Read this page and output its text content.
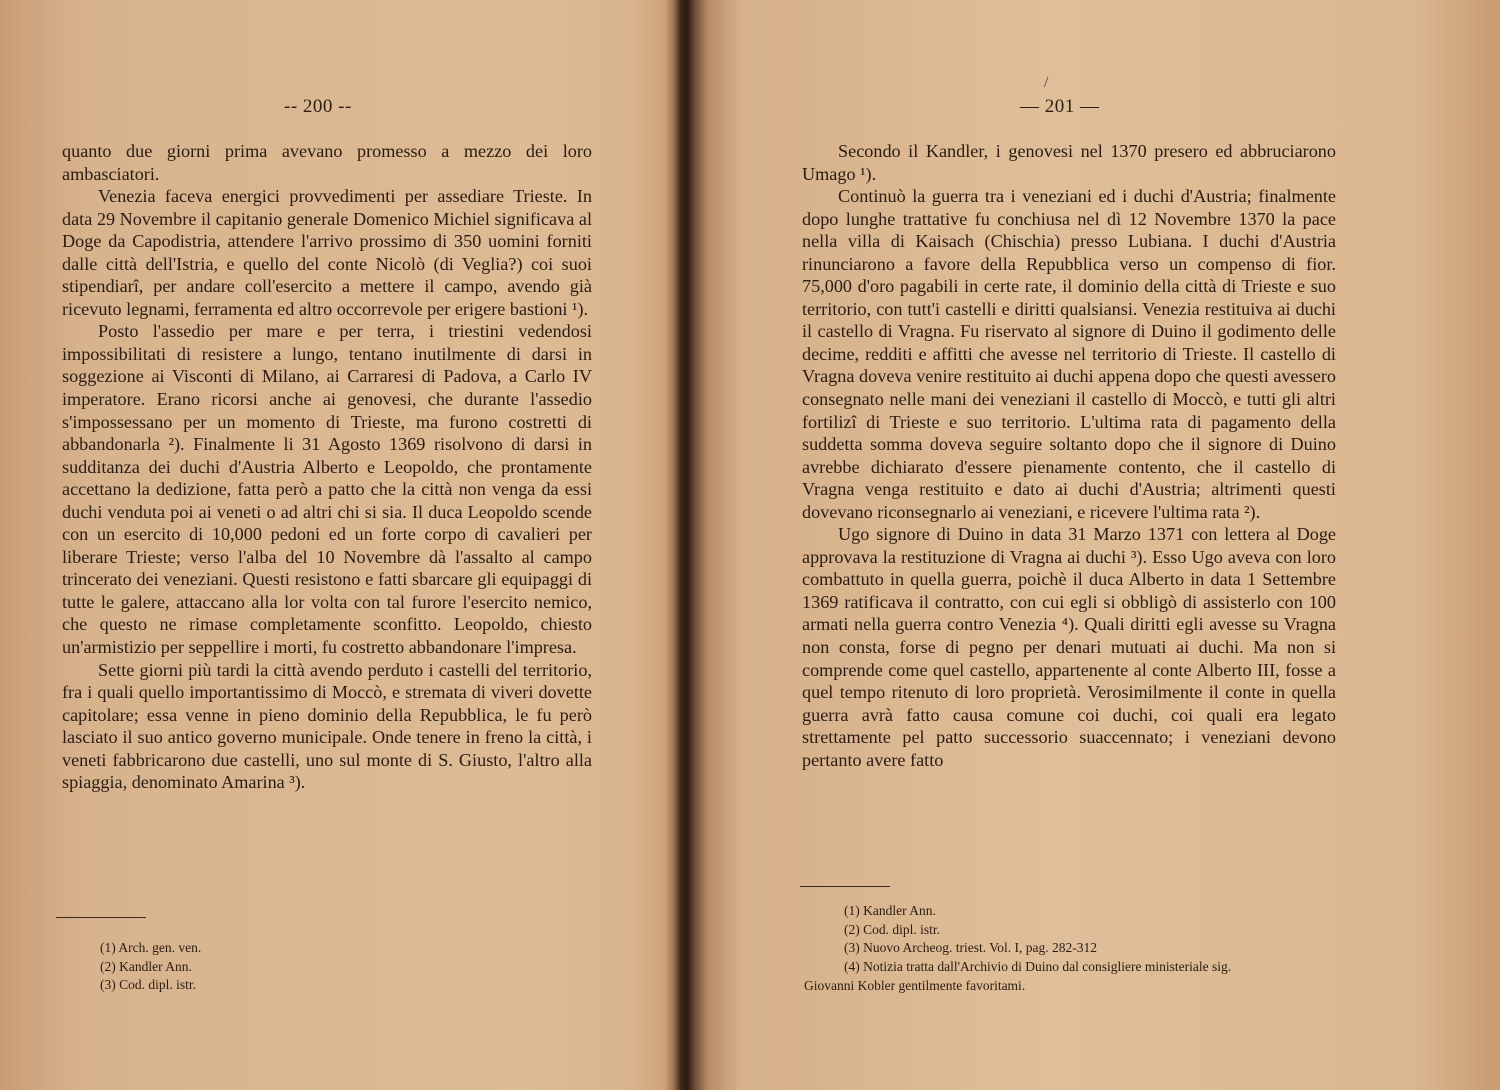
-- 200 --

quanto due giorni prima avevano promesso a mezzo dei loro ambasciatori.

Venezia faceva energici provvedimenti per assediare Trieste. In data 29 Novembre il capitanio generale Domenico Michiel significava al Doge da Capodistria, attendere l'arrivo prossimo di 350 uomini forniti dalle città dell'Istria, e quello del conte Nicolò (di Veglia?) coi suoi stipendiarî, per andare coll'esercito a mettere il campo, avendo già ricevuto legnami, ferramenta ed altro occorrevole per erigere bastioni ¹).

Posto l'assedio per mare e per terra, i triestini vedendosi impossibilitati di resistere a lungo, tentano inutilmente di darsi in soggezione ai Visconti di Milano, ai Carraresi di Padova, a Carlo IV imperatore. Erano ricorsi anche ai genovesi, che durante l'assedio s'impossessano per un momento di Trieste, ma furono costretti di abbandonarla ²). Finalmente li 31 Agosto 1369 risolvono di darsi in sudditanza dei duchi d'Austria Alberto e Leopoldo, che prontamente accettano la dedizione, fatta però a patto che la città non venga da essi duchi venduta poi ai veneti o ad altri chi si sia. Il duca Leopoldo scende con un esercito di 10,000 pedoni ed un forte corpo di cavalieri per liberare Trieste; verso l'alba del 10 Novembre dà l'assalto al campo trincerato dei veneziani. Questi resistono e fatti sbarcare gli equipaggi di tutte le galere, attaccano alla lor volta con tal furore l'esercito nemico, che questo ne rimase completamente sconfitto. Leopoldo, chiesto un'armistizio per seppellire i morti, fu costretto abbandonare l'impresa.

Sette giorni più tardi la città avendo perduto i castelli del territorio, fra i quali quello importantissimo di Moccò, e stremata di viveri dovette capitolare; essa venne in pieno dominio della Repubblica, le fu però lasciato il suo antico governo municipale. Onde tenere in freno la città, i veneti fabbricarono due castelli, uno sul monte di S. Giusto, l'altro alla spiaggia, denominato Amarina ³).

(1) Arch. gen. ven.
(2) Kandler Ann.
(3) Cod. dipl. istr.
/
— 201 —

Secondo il Kandler, i genovesi nel 1370 presero ed abbruciarono Umago ¹).

Continuò la guerra tra i veneziani ed i duchi d'Austria; finalmente dopo lunghe trattative fu conchiusa nel dì 12 Novembre 1370 la pace nella villa di Kaisach (Chischia) presso Lubiana. I duchi d'Austria rinunciarono a favore della Repubblica verso un compenso di fior. 75,000 d'oro pagabili in certe rate, il dominio della città di Trieste e suo territorio, con tutt'i castelli e diritti qualsiansi. Venezia restituiva ai duchi il castello di Vragna. Fu riservato al signore di Duino il godimento delle decime, redditi e affitti che avesse nel territorio di Trieste. Il castello di Vragna doveva venire restituito ai duchi appena dopo che questi avessero consegnato nelle mani dei veneziani il castello di Moccò, e tutti gli altri fortilizî di Trieste e suo territorio. L'ultima rata di pagamento della suddetta somma doveva seguire soltanto dopo che il signore di Duino avrebbe dichiarato d'essere pienamente contento, che il castello di Vragna venga restituito e dato ai duchi d'Austria; altrimenti questi dovevano riconsegnarlo ai veneziani, e ricevere l'ultima rata ²).

Ugo signore di Duino in data 31 Marzo 1371 con lettera al Doge approvava la restituzione di Vragna ai duchi ³). Esso Ugo aveva con loro combattuto in quella guerra, poichè il duca Alberto in data 1 Settembre 1369 ratificava il contratto, con cui egli si obbligò di assisterlo con 100 armati nella guerra contro Venezia ⁴). Quali diritti egli avesse su Vragna non consta, forse di pegno per denari mutuati ai duchi. Ma non si comprende come quel castello, appartenente al conte Alberto III, fosse a quel tempo ritenuto di loro proprietà. Verosimilmente il conte in quella guerra avrà fatto causa comune coi duchi, coi quali era legato strettamente pel patto successorio suaccennato; i veneziani devono pertanto avere fatto

(1) Kandler Ann.
(2) Cod. dipl. istr.
(3) Nuovo Archeog. triest. Vol. I, pag. 282-312
(4) Notizia tratta dall'Archivio di Duino dal consigliere ministeriale sig.
Giovanni Kobler gentilmente favoritami.
